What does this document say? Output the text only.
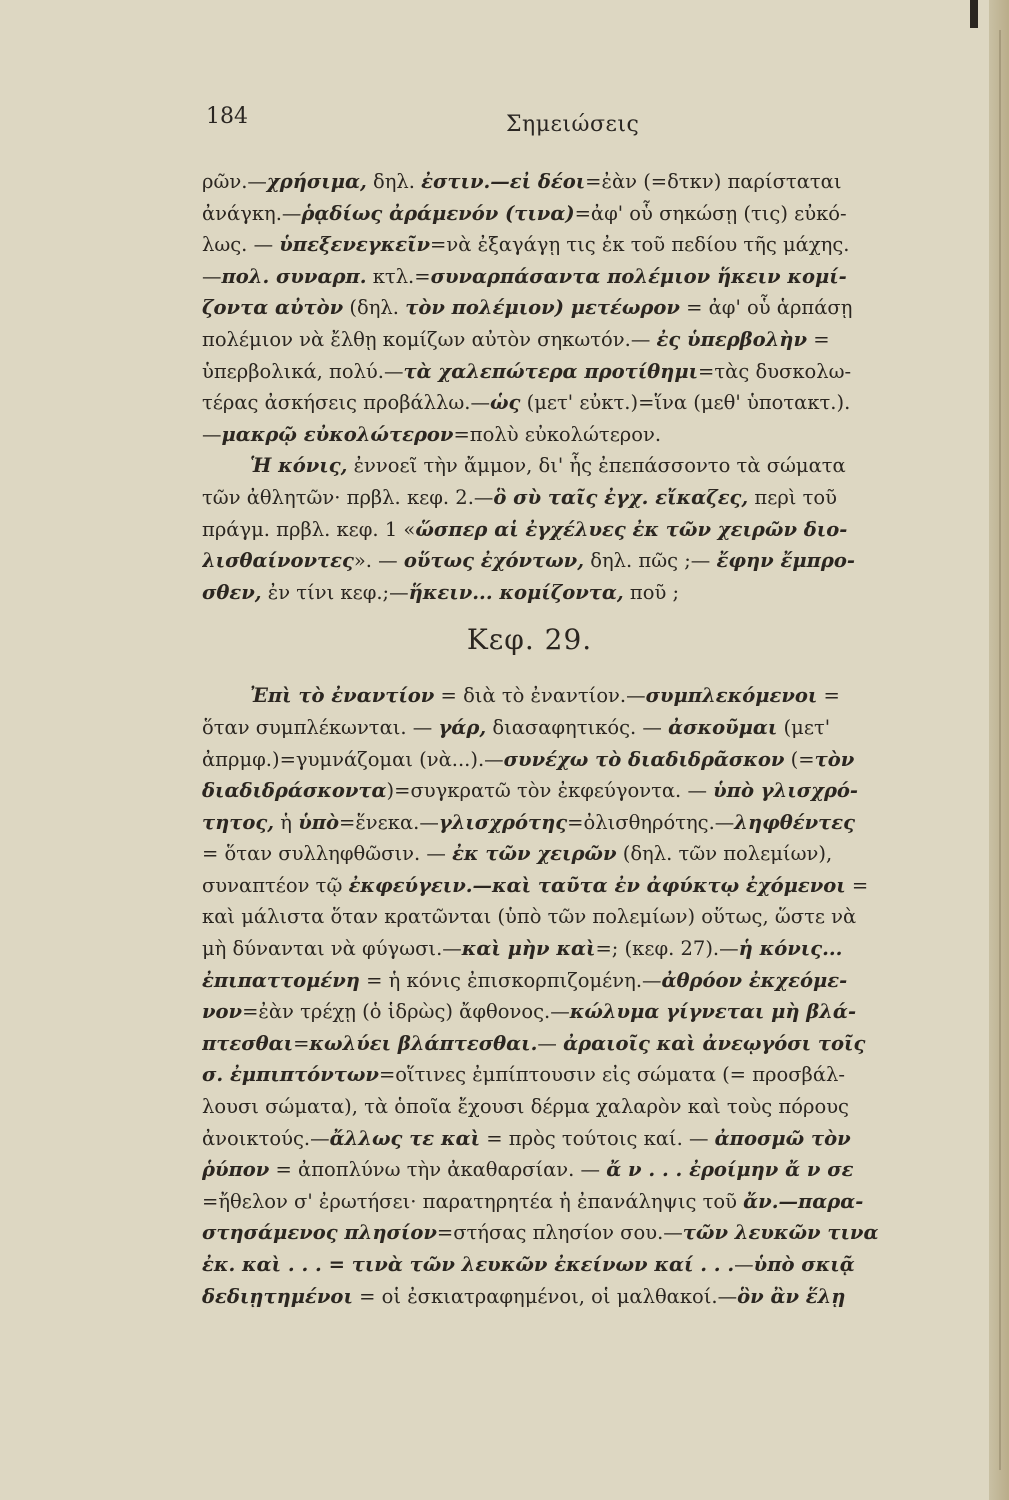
184	Σημειώσεις
ρῶν.—χρήσιμα, δηλ. ἐστιν.—εἰ δέοι=ἐὰν (=δτκν) παρίσταται
ἀνάγκη.—ῥᾳδίως ἀράμενόν (τινα)=ἀφ' οὗ σηκώσῃ (τις) εὐκό-
λως. — ὑπεξενεγκεῖν=νὰ ἐξαγάγῃ τις ἐκ τοῦ πεδίου τῆς μάχης.
—πολ. συναρπ. κτλ.=συναρπάσαντα πολέμιον ἥκειν κομί-
ζοντα αὐτὸν (δηλ. τὸν πολέμιον) μετέωρον = ἀφ' οὗ ἁρπάσῃ
πολέμιον νὰ ἔλθῃ κομίζων αὐτὸν σηκωτόν.— ἐς ὑπερβολὴν =
ὑπερβολικά, πολύ.—τὰ χαλεπώτερα προτίθημι=τὰς δυσκολω-
τέρας ἀσκήσεις προβάλλω.—ὡς (μετ' εὐκτ.)=ἵνα (μεθ' ὑποτακτ.).
—μακρῷ εὐκολώτερον=πολὺ εὐκολώτερον.
Ἡ κόνις, ἐννοεῖ τὴν ἄμμον, δι' ἧς ἐπεπάσσοντο τὰ σώματα
τῶν ἀθλητῶν· πρβλ. κεφ. 2.—ὃ σὺ ταῖς ἐγχ. εἴκαζες, περὶ τοῦ
πράγμ. πρβλ. κεφ. 1 «ὥσπερ αἱ ἐγχέλυες ἐκ τῶν χειρῶν διο-
λισθαίνοντες». — οὕτως ἐχόντων, δηλ. πῶς ;— ἔφην ἔμπρο-
σθεν, ἐν τίνι κεφ.;—ἥκειν... κομίζοντα, ποῦ ;
Κεφ. 29.
Ἐπὶ τὸ ἐναντίον = διὰ τὸ ἐναντίον.—συμπλεκόμενοι =
ὅταν συμπλέκωνται. — γάρ, διασαφητικός. — ἀσκοῦμαι (μετ'
ἀπρμφ.)=γυμνάζομαι (νὰ...).—συνέχω τὸ διαδιδρᾶσκον (=τὸν
διαδιδράσκοντα)=συγκρατῶ τὸν ἐκφεύγοντα. — ὑπὸ γλισχρό-
τητος, ἡ ὑπὸ=ἕνεκα.—γλισχρότης=ὀλισθηρότης.—ληφθέντες
= ὅταν συλληφθῶσιν. — ἐκ τῶν χειρῶν (δηλ. τῶν πολεμίων),
συναπτέον τῷ ἐκφεύγειν.—καὶ ταῦτα ἐν ἀφύκτῳ ἐχόμενοι =
καὶ μάλιστα ὅταν κρατῶνται (ὑπὸ τῶν πολεμίων) οὕτως, ὥστε νὰ
μὴ δύνανται νὰ φύγωσι.—καὶ μὴν καὶ=; (κεφ. 27).—ἡ κόνις...
ἐπιπαττομένη = ἡ κόνις ἐπισκορπιζομένη.—ἀθρόον ἐκχεόμε-
νον=ἐὰν τρέχῃ (ὁ ἱδρὼς) ἄφθονος.—κώλυμα γίγνεται μὴ βλά-
πτεσθαι=κωλύει βλάπτεσθαι.— ἀραιοῖς καὶ ἀνεῳγόσι τοῖς
σ. ἐμπιπτόντων=οἵτινες ἐμπίπτουσιν εἰς σώματα (= προσβάλ-
λουσι σώματα), τὰ ὁποῖα ἔχουσι δέρμα χαλαρὸν καὶ τοὺς πόρους
ἀνοικτούς.—ἄλλως τε καὶ = πρὸς τούτοις καί. — ἀποσμῶ τὸν
ῥύπον = ἀποπλύνω τὴν ἀκαθαρσίαν. — ἄ ν . . . ἐροίμην ἄ ν σε
=ἤθελον σ' ἐρωτήσει· παρατηρητέα ἡ ἐπανάληψις τοῦ ἄν.—παρα-
στησάμενος πλησίον=στήσας πλησίον σου.—τῶν λευκῶν τινα
ἐκ. καὶ . . . = τινὰ τῶν λευκῶν ἐκείνων καί . . .—ὑπὸ σκιᾷ
δεδιῃτημένοι = οἱ ἐσκιατραφημένοι, οἱ μαλθακοί.—ὃν ἂν ἕλῃ
